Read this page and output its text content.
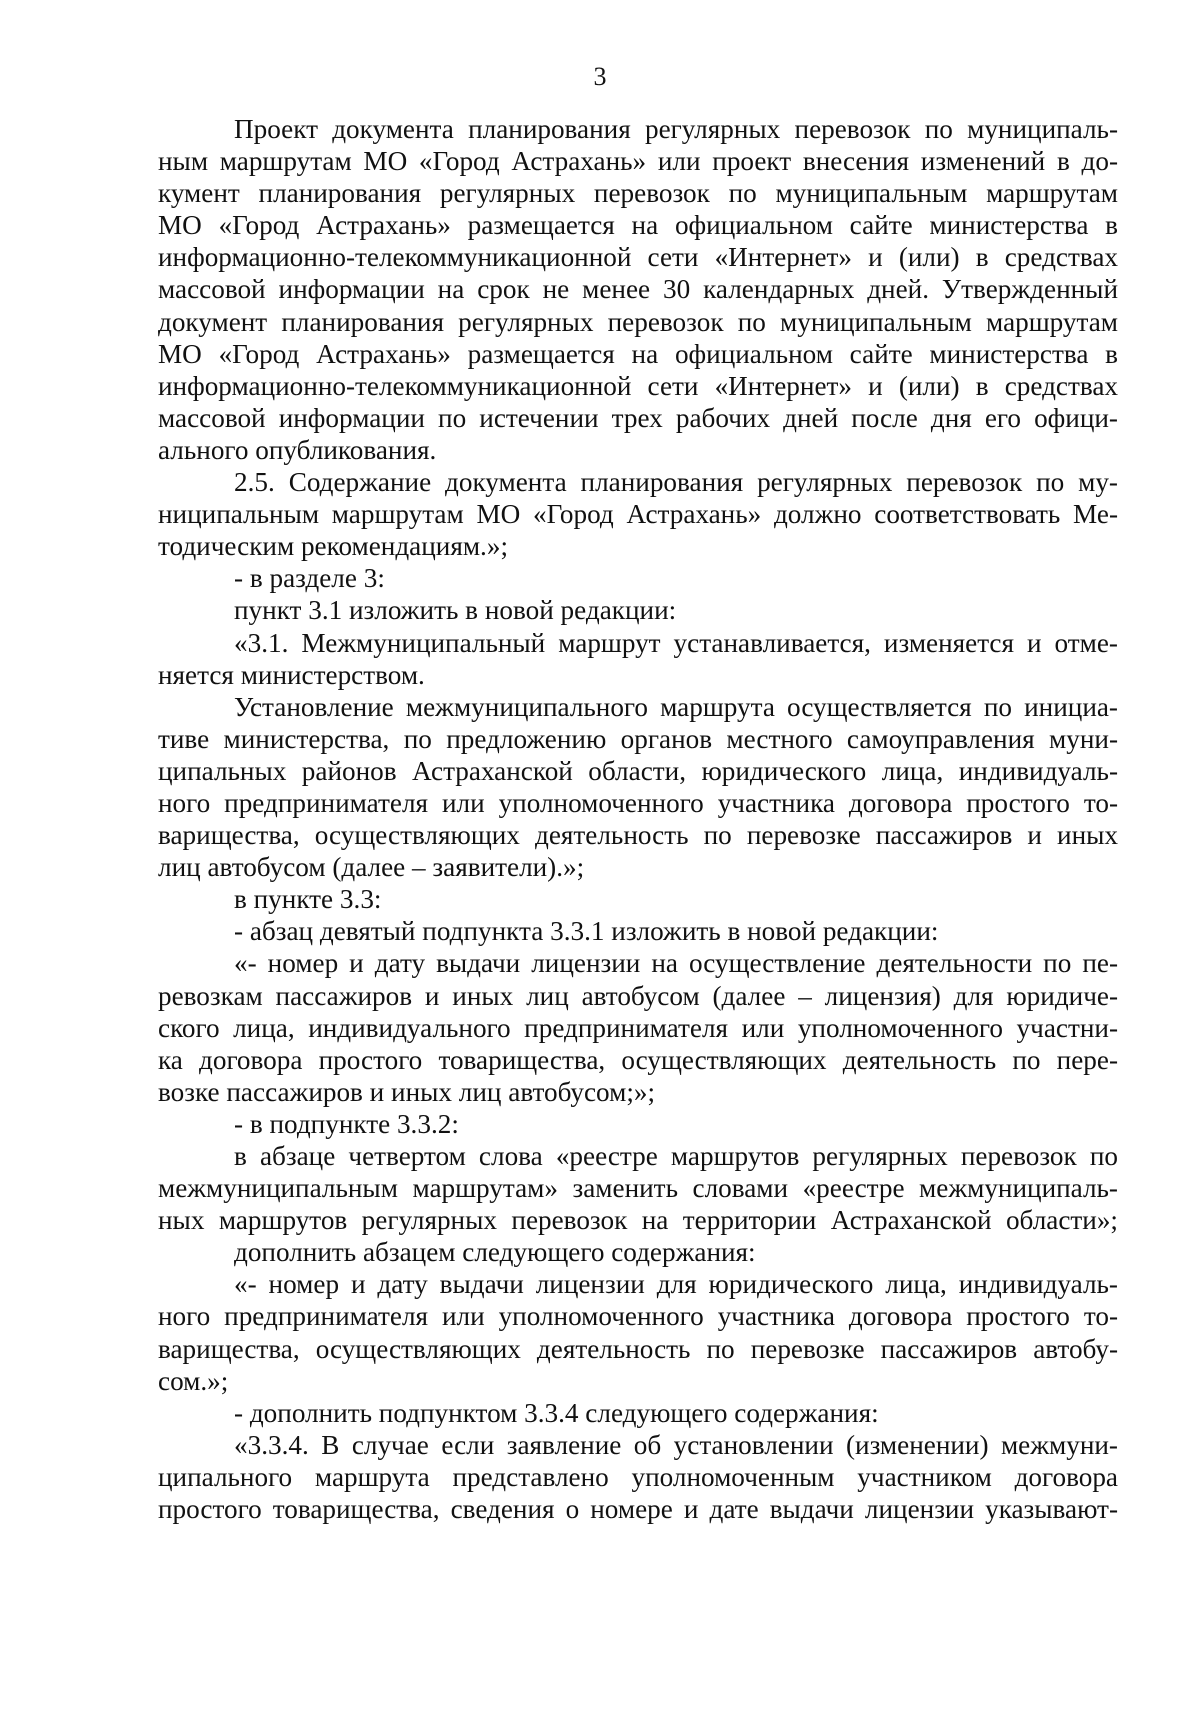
3
Проект документа планирования регулярных перевозок по муниципаль-
ным маршрутам МО «Город Астрахань» или проект внесения изменений в до-
кумент планирования регулярных перевозок по муниципальным маршрутам
МО «Город Астрахань» размещается на официальном сайте министерства в
информационно-телекоммуникационной сети «Интернет» и (или) в средствах
массовой информации на срок не менее 30 календарных дней. Утвержденный
документ планирования регулярных перевозок по муниципальным маршрутам
МО «Город Астрахань» размещается на официальном сайте министерства в
информационно-телекоммуникационной сети «Интернет» и (или) в средствах
массовой информации по истечении трех рабочих дней после дня его офици-
ального опубликования.
2.5. Содержание документа планирования регулярных перевозок по му-
ниципальным маршрутам МО «Город Астрахань» должно соответствовать Ме-
тодическим рекомендациям.»;
- в разделе 3:
пункт 3.1 изложить в новой редакции:
«3.1. Межмуниципальный маршрут устанавливается, изменяется и отме-
няется министерством.
Установление межмуниципального маршрута осуществляется по инициа-
тиве министерства, по предложению органов местного самоуправления муни-
ципальных районов Астраханской области, юридического лица, индивидуаль-
ного предпринимателя или уполномоченного участника договора простого то-
варищества, осуществляющих деятельность по перевозке пассажиров и иных
лиц автобусом (далее – заявители).»;
в пункте 3.3:
- абзац девятый подпункта 3.3.1 изложить в новой редакции:
«- номер и дату выдачи лицензии на осуществление деятельности по пе-
ревозкам пассажиров и иных лиц автобусом (далее – лицензия) для юридиче-
ского лица, индивидуального предпринимателя или уполномоченного участни-
ка договора простого товарищества, осуществляющих деятельность по пере-
возке пассажиров и иных лиц автобусом;»;
- в подпункте 3.3.2:
в абзаце четвертом слова «реестре маршрутов регулярных перевозок по
межмуниципальным маршрутам» заменить словами «реестре межмуниципаль-
ных маршрутов регулярных перевозок на территории Астраханской области»;
дополнить абзацем следующего содержания:
«- номер и дату выдачи лицензии для юридического лица, индивидуаль-
ного предпринимателя или уполномоченного участника договора простого то-
варищества, осуществляющих деятельность по перевозке пассажиров автобу-
сом.»;
- дополнить подпунктом 3.3.4 следующего содержания:
«3.3.4. В случае если заявление об установлении (изменении) межмуни-
ципального маршрута представлено уполномоченным участником договора
простого товарищества, сведения о номере и дате выдачи лицензии указывают-
